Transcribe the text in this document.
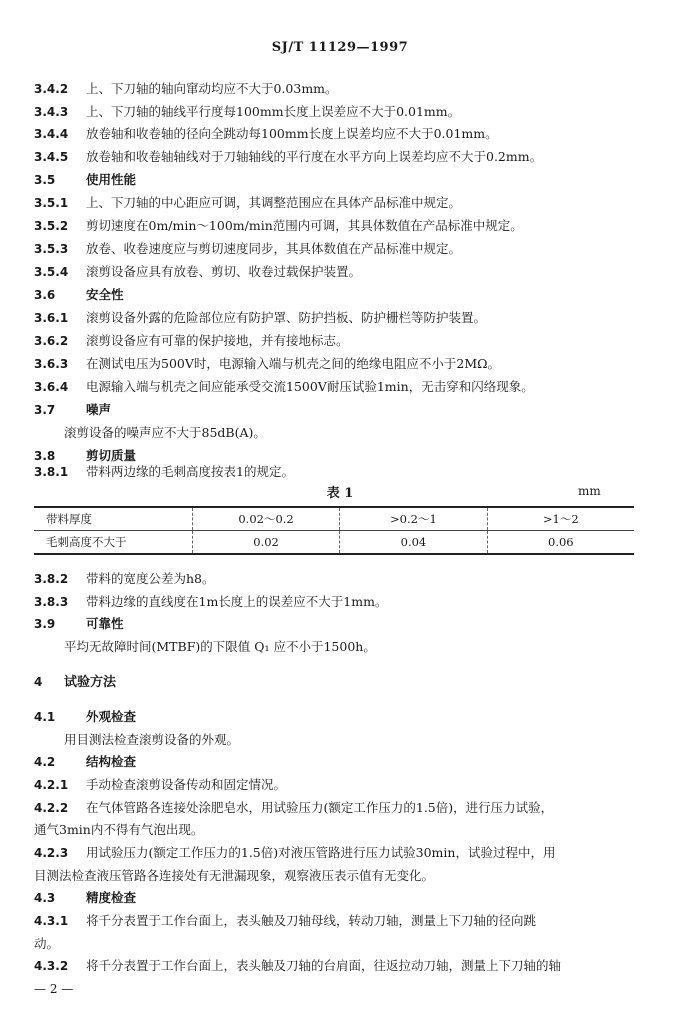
SJ/T 11129—1997
3.4.2 上、下刀轴的轴向窜动均应不大于0.03mm。
3.4.3 上、下刀轴的轴线平行度每100mm长度上误差应不大于0.01mm。
3.4.4 放卷轴和收卷轴的径向全跳动每100mm长度上误差均应不大于0.01mm。
3.4.5 放卷轴和收卷轴轴线对于刀轴轴线的平行度在水平方向上误差均应不大于0.2mm。
3.5 使用性能
3.5.1 上、下刀轴的中心距应可调，其调整范围应在具体产品标准中规定。
3.5.2 剪切速度在0m/min～100m/min范围内可调，其具体数值在产品标准中规定。
3.5.3 放卷、收卷速度应与剪切速度同步，其具体数值在产品标准中规定。
3.5.4 滚剪设备应具有放卷、剪切、收卷过载保护装置。
3.6 安全性
3.6.1 滚剪设备外露的危险部位应有防护罩、防护挡板、防护栅栏等防护装置。
3.6.2 滚剪设备应有可靠的保护接地，并有接地标志。
3.6.3 在测试电压为500V时，电源输入端与机壳之间的绝缘电阻应不小于2MΩ。
3.6.4 电源输入端与机壳之间应能承受交流1500V耐压试验1min，无击穿和闪络现象。
3.7 噪声
滚剪设备的噪声应不大于85dB(A)。
3.8 剪切质量
3.8.1 带料两边缘的毛刺高度按表1的规定。
表 1	mm
带料厚度	0.02～0.2	>0.2～1	>1～2
毛刺高度不大于	0.02	0.04	0.06
3.8.2 带料的宽度公差为h8。
3.8.3 带料边缘的直线度在1m长度上的误差应不大于1mm。
3.9 可靠性
平均无故障时间(MTBF)的下限值 Q₁ 应不小于1500h。
4 试验方法
4.1 外观检查
用目测法检查滚剪设备的外观。
4.2 结构检查
4.2.1 手动检查滚剪设备传动和固定情况。
4.2.2 在气体管路各连接处涂肥皂水，用试验压力(额定工作压力的1.5倍)，进行压力试验，
通气3min内不得有气泡出现。
4.2.3 用试验压力(额定工作压力的1.5倍)对液压管路进行压力试验30min，试验过程中，用
目测法检查液压管路各连接处有无泄漏现象，观察液压表示值有无变化。
4.3 精度检查
4.3.1 将千分表置于工作台面上，表头触及刀轴母线，转动刀轴，测量上下刀轴的径向跳
动。
4.3.2 将千分表置于工作台面上，表头触及刀轴的台肩面，往返拉动刀轴，测量上下刀轴的轴
— 2 —
